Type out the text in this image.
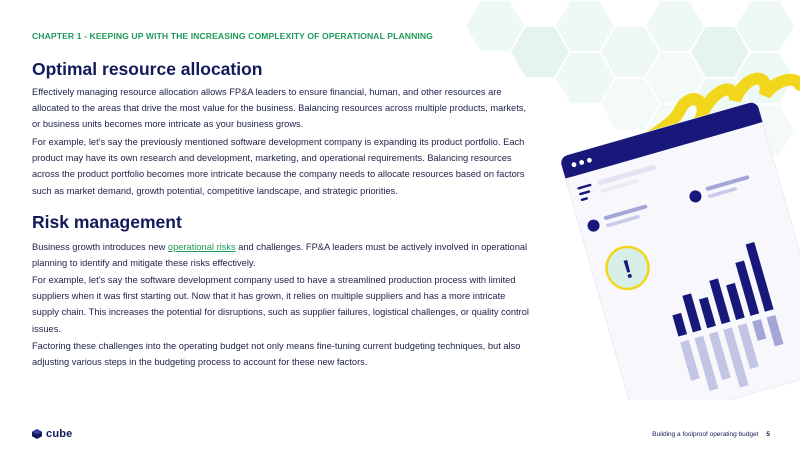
CHAPTER 1 - KEEPING UP WITH THE INCREASING COMPLEXITY OF OPERATIONAL PLANNING
Optimal resource allocation

Effectively managing resource allocation allows FP&A leaders to ensure financial, human, and other resources are allocated to the areas that drive the most value for the business. Balancing resources across multiple products, markets, or business units becomes more intricate as your business grows.

For example, let’s say the previously mentioned software development company is expanding its product portfolio. Each product may have its own research and development, marketing, and operational requirements. Balancing resources across the product portfolio becomes more intricate because the company needs to allocate resources based on factors such as market demand, growth potential, competitive landscape, and strategic priorities.

Risk management

Business growth introduces new operational risks and challenges. FP&A leaders must be actively involved in operational planning to identify and mitigate these risks effectively.

For example, let’s say the software development company used to have a streamlined production process with limited suppliers when it was first starting out. Now that it has grown, it relies on multiple suppliers and has a more intricate supply chain. This increases the potential for disruptions, such as supplier failures, logistical challenges, or quality control issues.

Factoring these challenges into the operating budget not only means fine-tuning current budgeting techniques, but also adjusting various steps in the budgeting process to account for these new factors.

!
cube	Building a foolproof operating budget 5
